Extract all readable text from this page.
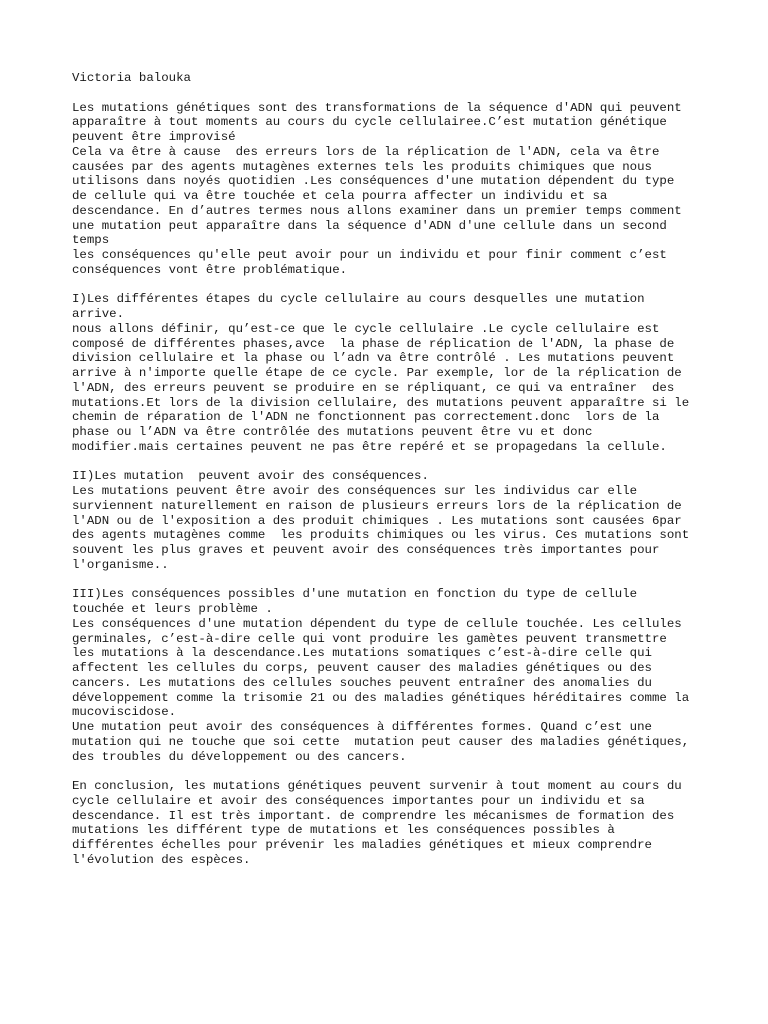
Victoria balouka
Les mutations génétiques sont des transformations de la séquence d'ADN qui peuvent
apparaître à tout moments au cours du cycle cellulairee.C’est mutation génétique
peuvent être improvisé
Cela va être à cause  des erreurs lors de la réplication de l'ADN, cela va être
causées par des agents mutagènes externes tels les produits chimiques que nous
utilisons dans noyés quotidien .Les conséquences d'une mutation dépendent du type
de cellule qui va être touchée et cela pourra affecter un individu et sa
descendance. En d’autres termes nous allons examiner dans un premier temps comment
une mutation peut apparaître dans la séquence d'ADN d'une cellule dans un second
temps
les conséquences qu'elle peut avoir pour un individu et pour finir comment c’est
conséquences vont être problématique.
I)Les différentes étapes du cycle cellulaire au cours desquelles une mutation
arrive.
nous allons définir, qu’est-ce que le cycle cellulaire .Le cycle cellulaire est
composé de différentes phases,avce  la phase de réplication de l'ADN, la phase de
division cellulaire et la phase ou l’adn va être contrôlé . Les mutations peuvent
arrive à n'importe quelle étape de ce cycle. Par exemple, lor de la réplication de
l'ADN, des erreurs peuvent se produire en se répliquant, ce qui va entraîner  des
mutations.Et lors de la division cellulaire, des mutations peuvent apparaître si le
chemin de réparation de l'ADN ne fonctionnent pas correctement.donc  lors de la
phase ou l’ADN va être contrôlée des mutations peuvent être vu et donc
modifier.mais certaines peuvent ne pas être repéré et se propagedans la cellule.
II)Les mutation  peuvent avoir des conséquences.
Les mutations peuvent être avoir des conséquences sur les individus car elle
surviennent naturellement en raison de plusieurs erreurs lors de la réplication de
l'ADN ou de l'exposition a des produit chimiques . Les mutations sont causées 6par
des agents mutagènes comme  les produits chimiques ou les virus. Ces mutations sont
souvent les plus graves et peuvent avoir des conséquences très importantes pour
l'organisme..
III)Les conséquences possibles d'une mutation en fonction du type de cellule
touchée et leurs problème .
Les conséquences d'une mutation dépendent du type de cellule touchée. Les cellules
germinales, c’est-à-dire celle qui vont produire les gamètes peuvent transmettre
les mutations à la descendance.Les mutations somatiques c’est-à-dire celle qui
affectent les cellules du corps, peuvent causer des maladies génétiques ou des
cancers. Les mutations des cellules souches peuvent entraîner des anomalies du
développement comme la trisomie 21 ou des maladies génétiques héréditaires comme la
mucoviscidose.
Une mutation peut avoir des conséquences à différentes formes. Quand c’est une
mutation qui ne touche que soi cette  mutation peut causer des maladies génétiques,
des troubles du développement ou des cancers.
En conclusion, les mutations génétiques peuvent survenir à tout moment au cours du
cycle cellulaire et avoir des conséquences importantes pour un individu et sa
descendance. Il est très important. de comprendre les mécanismes de formation des
mutations les différent type de mutations et les conséquences possibles à
différentes échelles pour prévenir les maladies génétiques et mieux comprendre
l'évolution des espèces.
